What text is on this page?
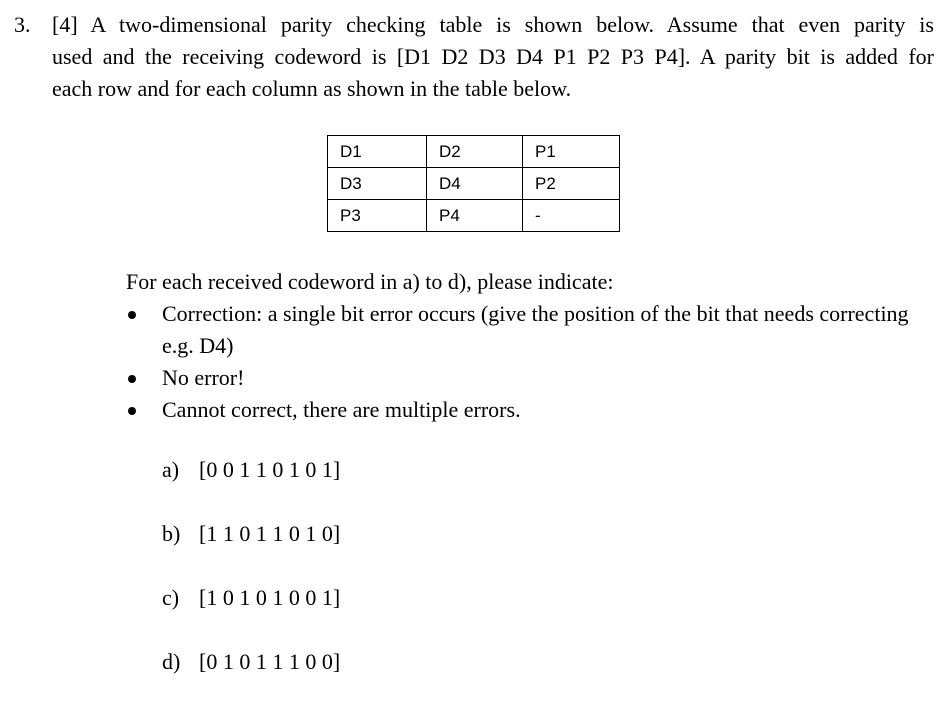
3. [4] A two-dimensional parity checking table is shown below. Assume that even parity is
used and the receiving codeword is [D1 D2 D3 D4 P1 P2 P3 P4]. A parity bit is added for
each row and for each column as shown in the table below.
D1	D2	P1
D3	D4	P2
P3	P4	-
For each received codeword in a) to d), please indicate:
Correction: a single bit error occurs (give the position of the bit that needs correcting e.g. D4)
No error!
Cannot correct, there are multiple errors.
a) [0 0 1 1 0 1 0 1]
b) [1 1 0 1 1 0 1 0]
c) [1 0 1 0 1 0 0 1]
d) [0 1 0 1 1 1 0 0]
